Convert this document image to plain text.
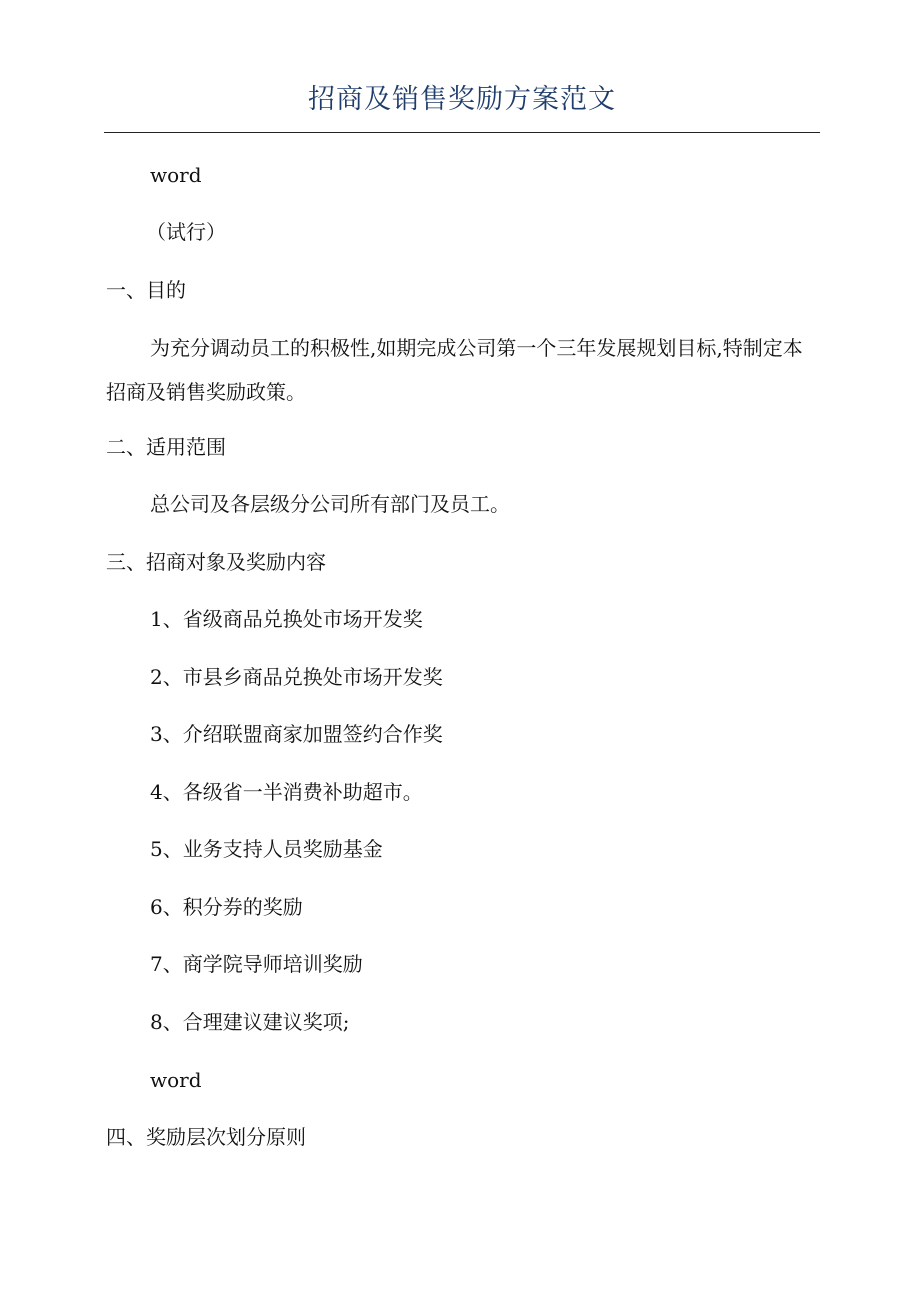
招商及销售奖励方案范文
word
（试行）
一、目的
为充分调动员工的积极性,如期完成公司第一个三年发展规划目标,特制定本招商及销售奖励政策。
二、适用范围
总公司及各层级分公司所有部门及员工。
三、招商对象及奖励内容
1、省级商品兑换处市场开发奖
2、市县乡商品兑换处市场开发奖
3、介绍联盟商家加盟签约合作奖
4、各级省一半消费补助超市。
5、业务支持人员奖励基金
6、积分券的奖励
7、商学院导师培训奖励
8、合理建议建议奖项;
word
四、奖励层次划分原则
